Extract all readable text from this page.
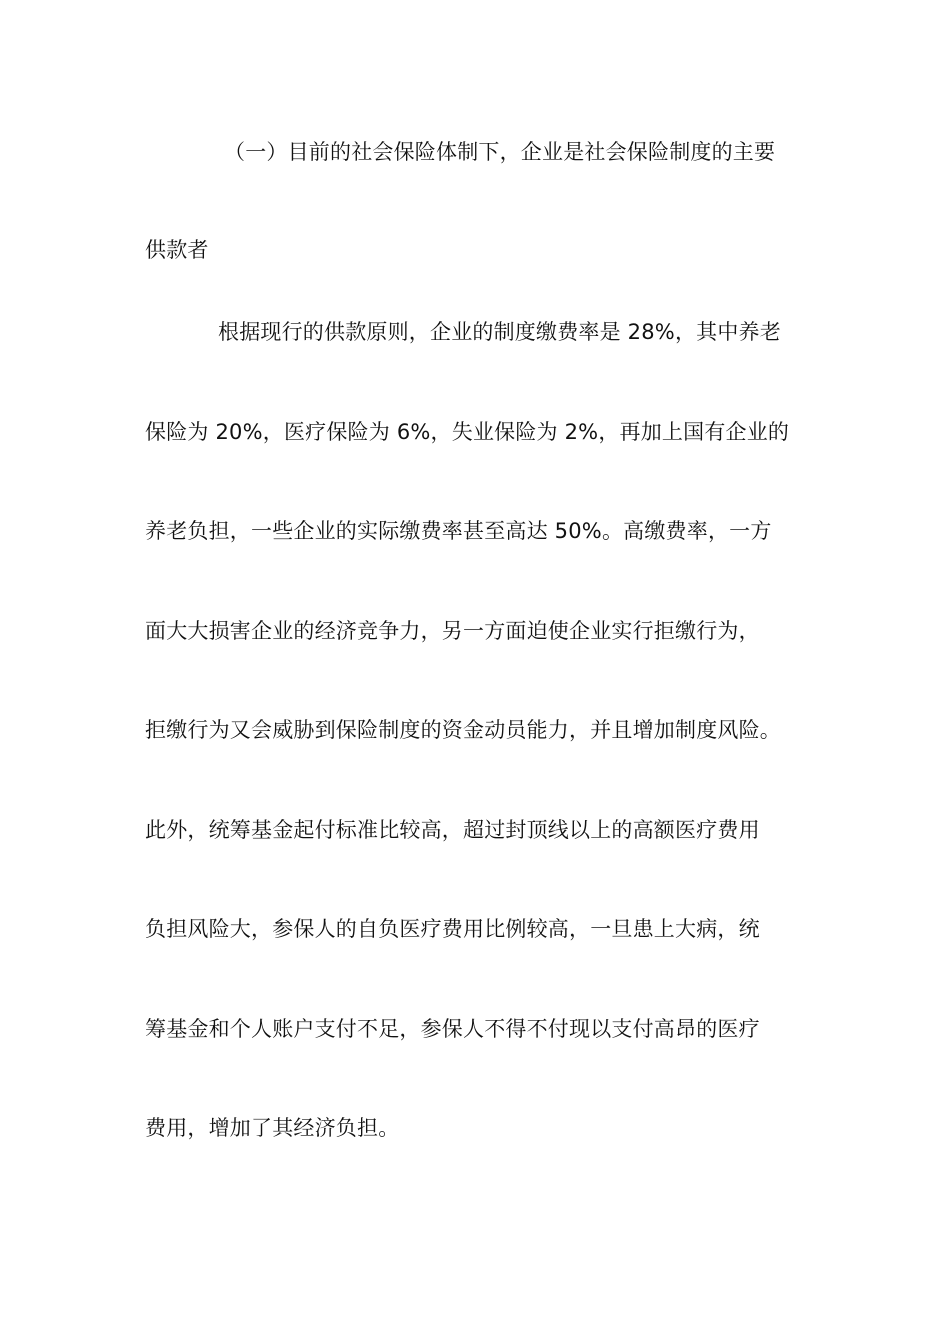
（一）目前的社会保险体制下，企业是社会保险制度的主要
供款者
根据现行的供款原则，企业的制度缴费率是 28%，其中养老
保险为 20%，医疗保险为 6%，失业保险为 2%，再加上国有企业的
养老负担，一些企业的实际缴费率甚至高达 50%。高缴费率，一方
面大大损害企业的经济竞争力，另一方面迫使企业实行拒缴行为，
拒缴行为又会威胁到保险制度的资金动员能力，并且增加制度风险。
此外，统筹基金起付标准比较高，超过封顶线以上的高额医疗费用
负担风险大，参保人的自负医疗费用比例较高，一旦患上大病，统
筹基金和个人账户支付不足，参保人不得不付现以支付高昂的医疗
费用，增加了其经济负担。
